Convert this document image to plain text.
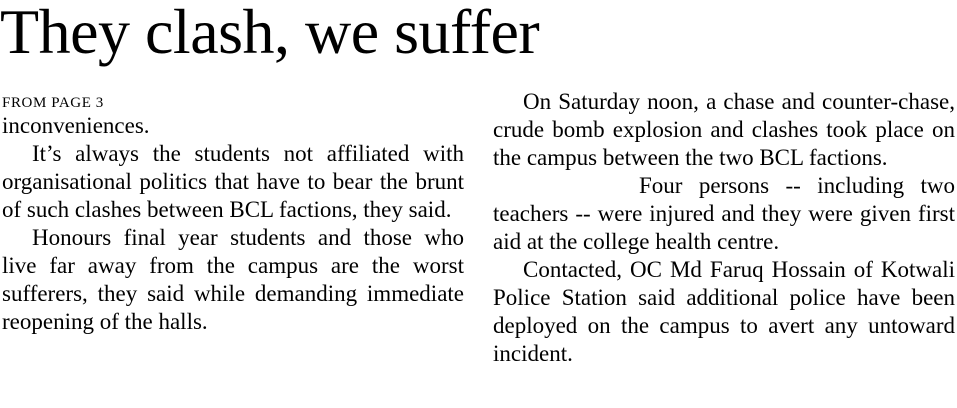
They clash, we suffer
FROM PAGE 3

inconveniences.

It’s always the students not affiliated with organisational politics that have to bear the brunt of such clashes between BCL factions, they said.

Honours final year students and those who live far away from the campus are the worst sufferers, they said while demanding immediate reopening of the halls.

On Saturday noon, a chase and counter-chase, crude bomb explosion and clashes took place on the campus between the two BCL factions.

Four persons -- including two teachers -- were injured and they were given first aid at the college health centre.

Contacted, OC Md Faruq Hossain of Kotwali Police Station said additional police have been deployed on the campus to avert any untoward incident.
